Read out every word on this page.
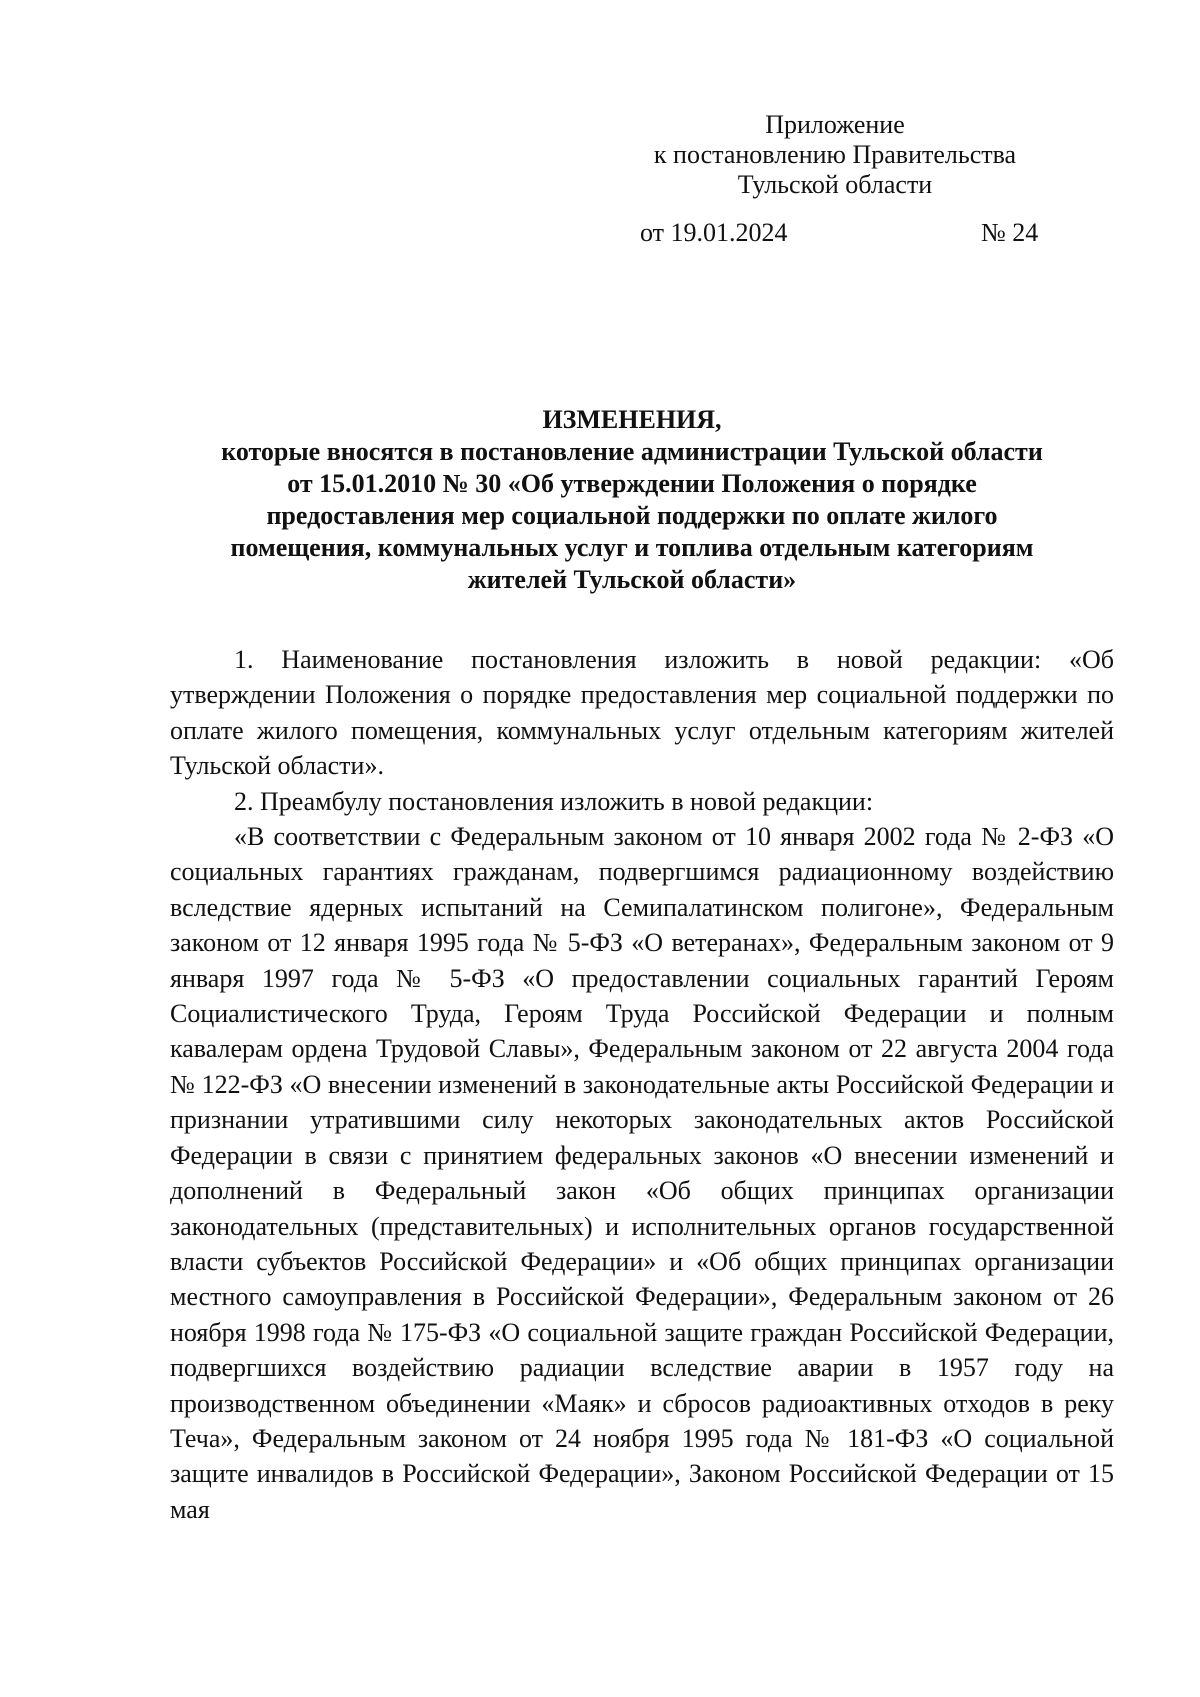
Приложение
к постановлению Правительства
Тульской области
от 19.01.2024	№ 24
ИЗМЕНЕНИЯ,
которые вносятся в постановление администрации Тульской области
от 15.01.2010 № 30 «Об утверждении Положения о порядке
предоставления мер социальной поддержки по оплате жилого
помещения, коммунальных услуг и топлива отдельным категориям
жителей Тульской области»

1. Наименование постановления изложить в новой редакции: «Об утверждении Положения о порядке предоставления мер социальной поддержки по оплате жилого помещения, коммунальных услуг отдельным категориям жителей Тульской области».

2. Преамбулу постановления изложить в новой редакции:

«В соответствии с Федеральным законом от 10 января 2002 года № 2-ФЗ «О социальных гарантиях гражданам, подвергшимся радиационному воздействию вследствие ядерных испытаний на Семипалатинском полигоне», Федеральным законом от 12 января 1995 года № 5-ФЗ «О ветеранах», Федеральным законом от 9 января 1997 года № 5-ФЗ «О предоставлении социальных гарантий Героям Социалистического Труда, Героям Труда Российской Федерации и полным кавалерам ордена Трудовой Славы», Федеральным законом от 22 августа 2004 года № 122-ФЗ «О внесении изменений в законодательные акты Российской Федерации и признании утратившими силу некоторых законодательных актов Российской Федерации в связи с принятием федеральных законов «О внесении изменений и дополнений в Федеральный закон «Об общих принципах организации законодательных (представительных) и исполнительных органов государственной власти субъектов Российской Федерации» и «Об общих принципах организации местного самоуправления в Российской Федерации», Федеральным законом от 26 ноября 1998 года № 175-ФЗ «О социальной защите граждан Российской Федерации, подвергшихся воздействию радиации вследствие аварии в 1957 году на производственном объединении «Маяк» и сбросов радиоактивных отходов в реку Теча», Федеральным законом от 24 ноября 1995 года № 181-ФЗ «О социальной защите инвалидов в Российской Федерации», Законом Российской Федерации от 15 мая
